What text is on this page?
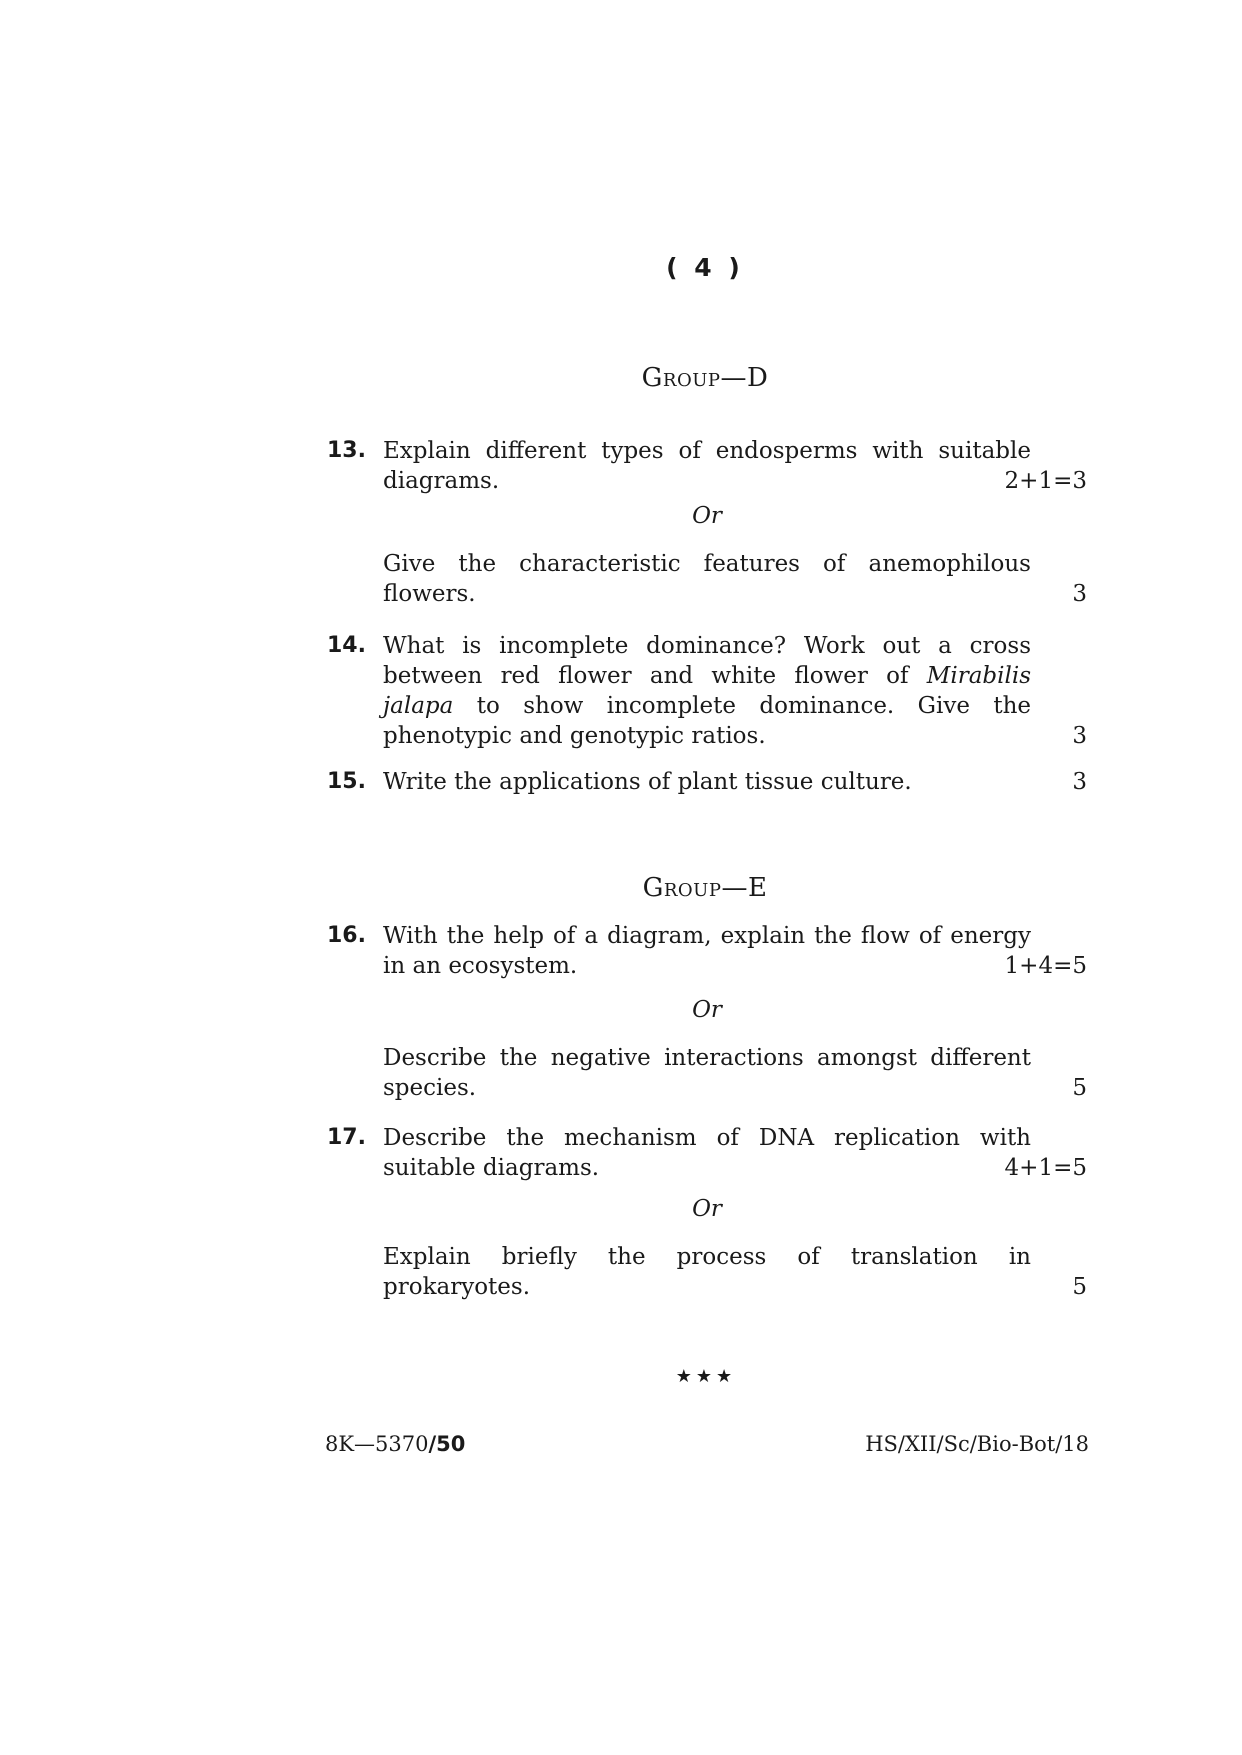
( 4 )
Group—D
13. Explain different types of endosperms with suitable
diagrams.	2+1=3
Or
Give the characteristic features of anemophilous
flowers.	3
14. What is incomplete dominance? Work out a cross
between red flower and white flower of Mirabilis
jalapa to show incomplete dominance. Give the
phenotypic and genotypic ratios.	3
15. Write the applications of plant tissue culture.	3
Group—E
16. With the help of a diagram, explain the flow of energy
in an ecosystem.	1+4=5
Or
Describe the negative interactions amongst different
species.	5
17. Describe the mechanism of DNA replication with
suitable diagrams.	4+1=5
Or
Explain briefly the process of translation in
prokaryotes.	5
★★★
8K—5370/50	HS/XII/Sc/Bio-Bot/18
